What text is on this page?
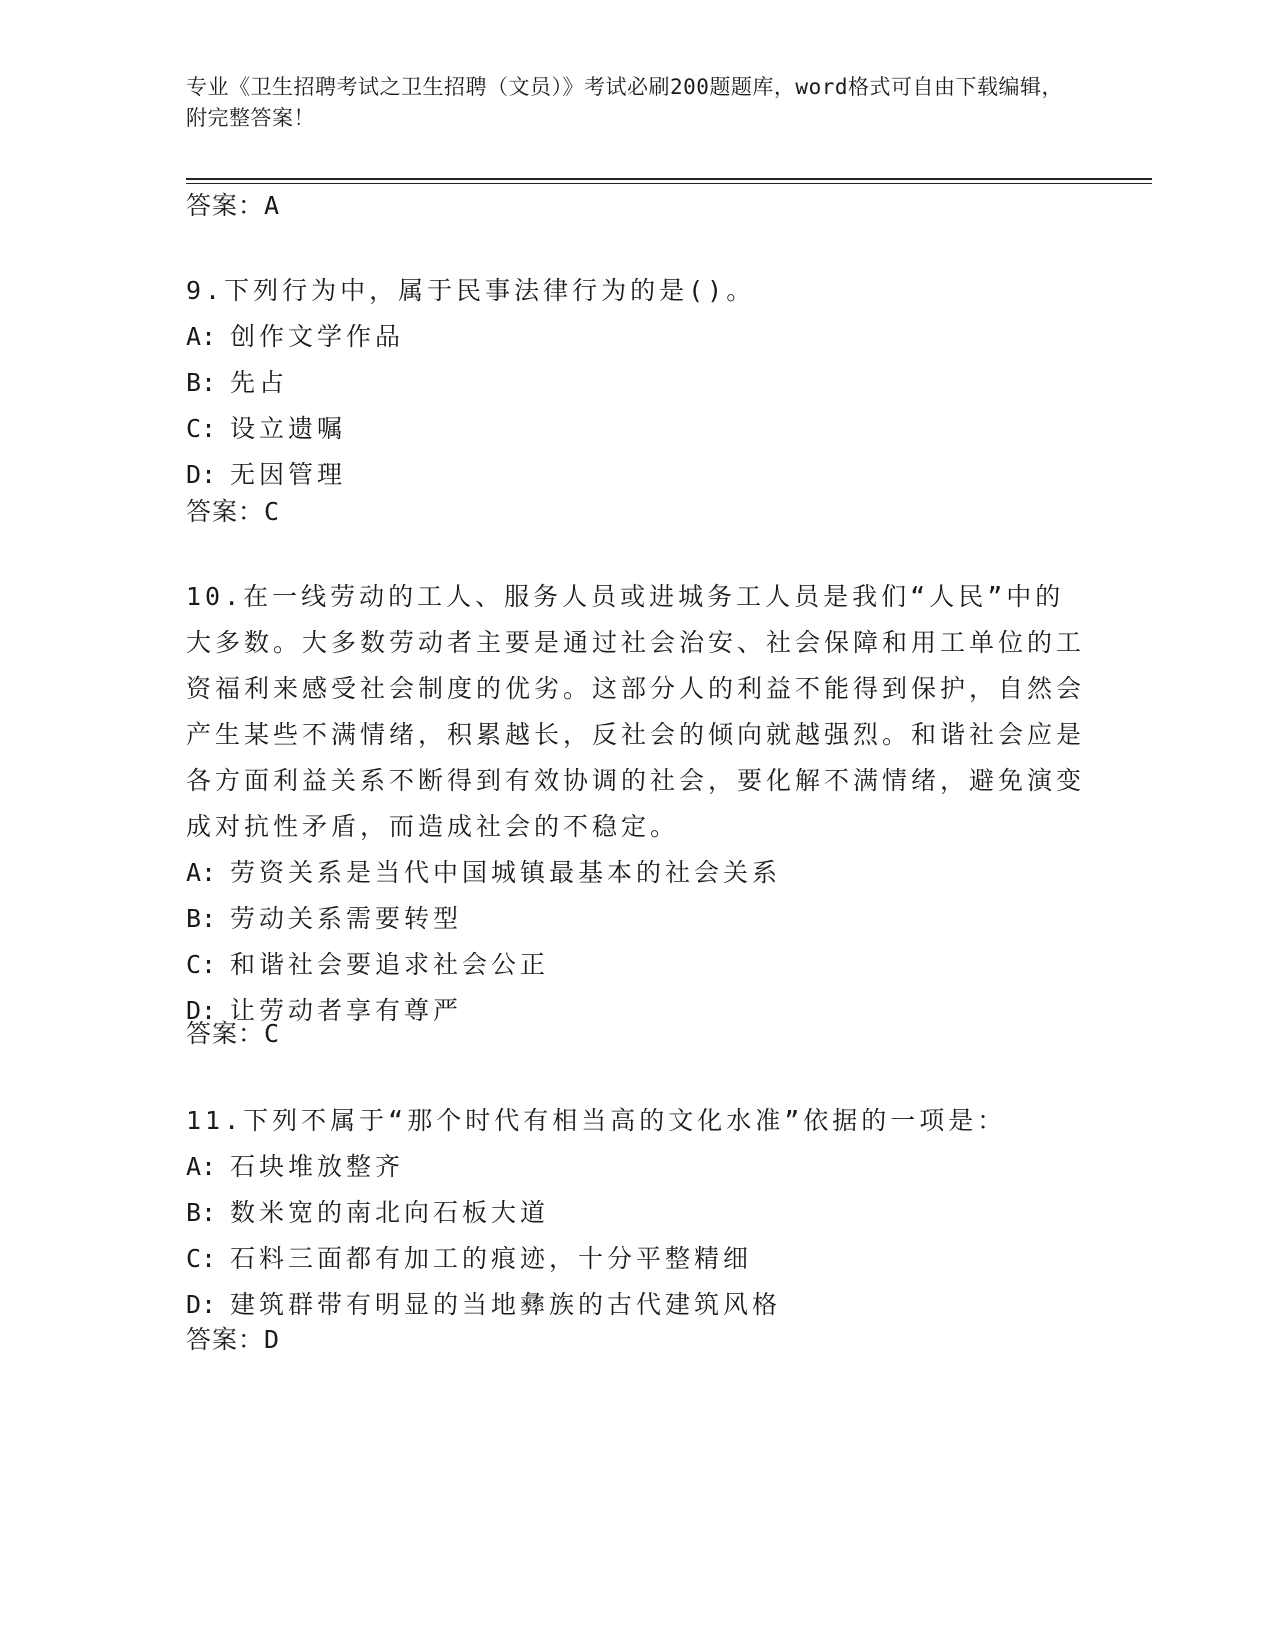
专业《卫生招聘考试之卫生招聘（文员）》考试必刷200题题库，word格式可自由下载编辑，附完整答案！
答案：A

9.下列行为中，属于民事法律行为的是()。

A: 创作文学作品

B: 先占

C: 设立遗嘱

D: 无因管理

答案：C

10.在一线劳动的工人、服务人员或进城务工人员是我们“人民”中的大多数。大多数劳动者主要是通过社会治安、社会保障和用工单位的工资福利来感受社会制度的优劣。这部分人的利益不能得到保护，自然会产生某些不满情绪，积累越长，反社会的倾向就越强烈。和谐社会应是各方面利益关系不断得到有效协调的社会，要化解不满情绪，避免演变成对抗性矛盾，而造成社会的不稳定。

A: 劳资关系是当代中国城镇最基本的社会关系

B: 劳动关系需要转型

C: 和谐社会要追求社会公正

D: 让劳动者享有尊严

答案：C

11.下列不属于“那个时代有相当高的文化水准”依据的一项是：

A: 石块堆放整齐

B: 数米宽的南北向石板大道

C: 石料三面都有加工的痕迹，十分平整精细

D: 建筑群带有明显的当地彝族的古代建筑风格

答案：D
